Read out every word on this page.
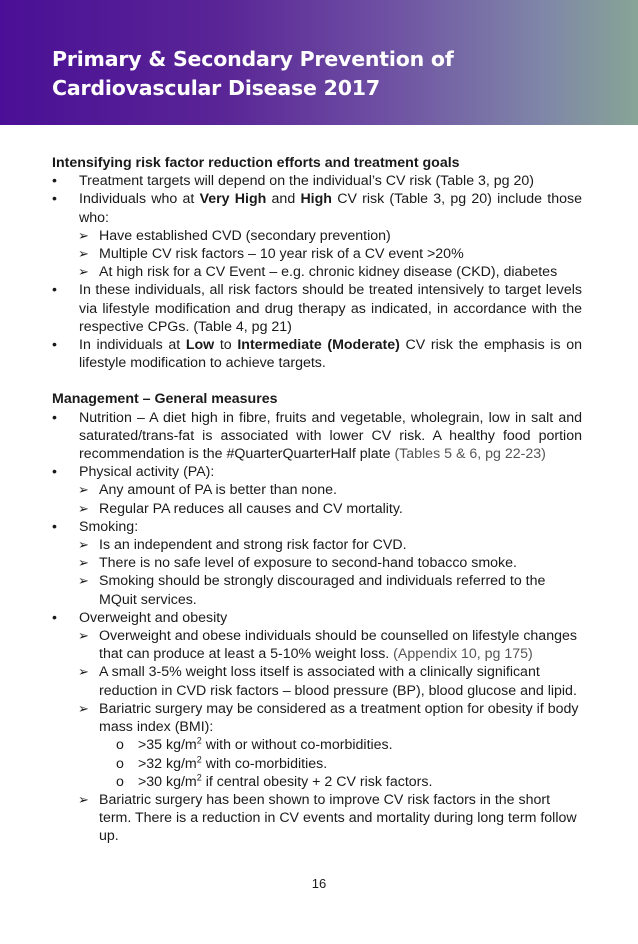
Primary & Secondary Prevention of Cardiovascular Disease 2017

Intensifying risk factor reduction efforts and treatment goals

• Treatment targets will depend on the individual’s CV risk (Table 3, pg 20)
• Individuals who at Very High and High CV risk (Table 3, pg 20) include those who:
➢ Have established CVD (secondary prevention)
➢ Multiple CV risk factors – 10 year risk of a CV event >20%
➢ At high risk for a CV Event – e.g. chronic kidney disease (CKD), diabetes
• In these individuals, all risk factors should be treated intensively to target levels via lifestyle modification and drug therapy as indicated, in accordance with the respective CPGs. (Table 4, pg 21)
• In individuals at Low to Intermediate (Moderate) CV risk the emphasis is on lifestyle modification to achieve targets.

Management – General measures

• Nutrition – A diet high in fibre, fruits and vegetable, wholegrain, low in salt and saturated/trans-fat is associated with lower CV risk. A healthy food portion recommendation is the #QuarterQuarterHalf plate (Tables 5 & 6, pg 22-23)
• Physical activity (PA):
➢ Any amount of PA is better than none.
➢ Regular PA reduces all causes and CV mortality.
• Smoking:
➢ Is an independent and strong risk factor for CVD.
➢ There is no safe level of exposure to second-hand tobacco smoke.
➢ Smoking should be strongly discouraged and individuals referred to the MQuit services.
• Overweight and obesity
➢ Overweight and obese individuals should be counselled on lifestyle changes that can produce at least a 5-10% weight loss. (Appendix 10, pg 175)
➢ A small 3-5% weight loss itself is associated with a clinically significant reduction in CVD risk factors – blood pressure (BP), blood glucose and lipid.
➢ Bariatric surgery may be considered as a treatment option for obesity if body mass index (BMI):
o >35 $kg/m^2$ with or without co-morbidities.
o >32 $kg/m^2$ with co-morbidities.
o >30 $kg/m^2$ if central obesity + 2 CV risk factors.
➢ Bariatric surgery has been shown to improve CV risk factors in the short term. There is a reduction in CV events and mortality during long term follow up.
16
